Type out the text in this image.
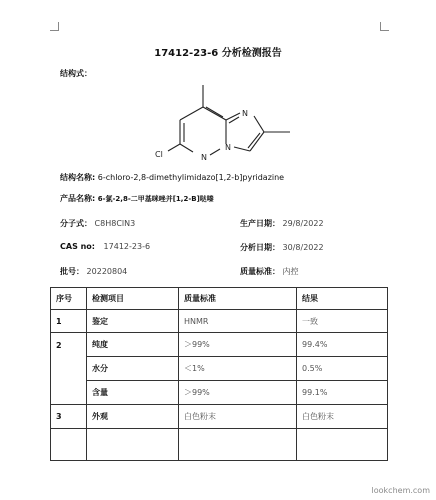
17412-23-6 分析检测报告
结构式：
N
N
N
Cl
结构名称: 6-chloro-2,8-dimethylimidazo[1,2-b]pyridazine
产品名称: 6-氯-2,8-二甲基咪唑并[1,2-B]哒嗪
分子式： C8H8ClN3	生产日期： 29/8/2022
CAS no: 17412-23-6	分析日期： 30/8/2022
批号： 20220804	质量标准： 内控
序号	检测项目	质量标准	结果
1	鉴定	HNMR	一致
2	纯度	＞99%	99.4%
	水分	＜1%	0.5%
	含量	＞99%	99.1%
3	外观	白色粉末	白色粉末

lookchem.com
